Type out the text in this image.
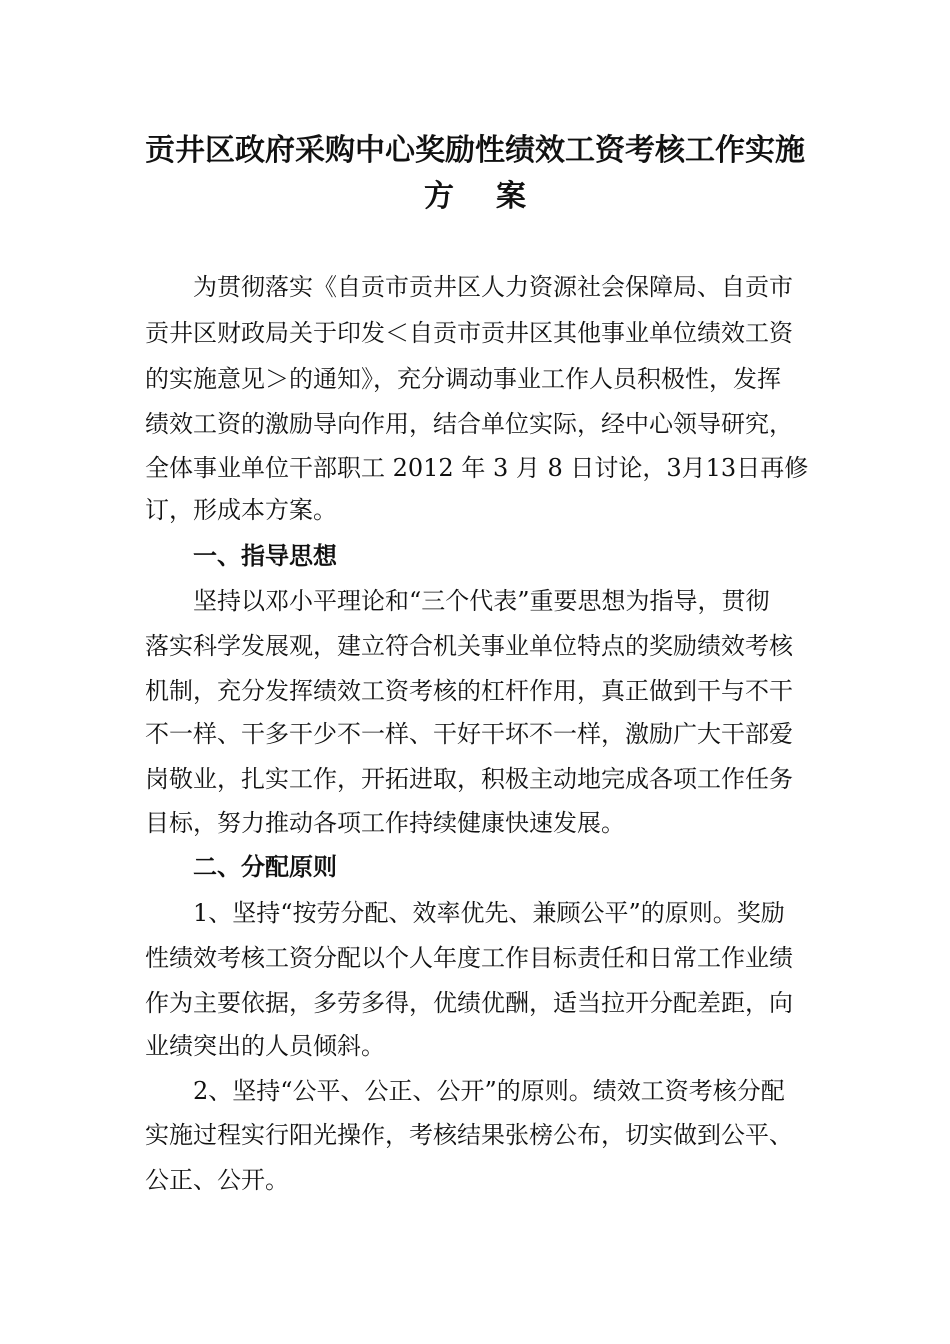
贡井区政府采购中心奖励性绩效工资考核工作实施
方案
为贯彻落实《自贡市贡井区人力资源社会保障局、自贡市
贡井区财政局关于印发＜自贡市贡井区其他事业单位绩效工资
的实施意见＞的通知》，充分调动事业工作人员积极性，发挥
绩效工资的激励导向作用，结合单位实际，经中心领导研究，
全体事业单位干部职工 2012 年 3 月 8 日讨论，3月13日再修
订，形成本方案。
一、指导思想
坚持以邓小平理论和“三个代表”重要思想为指导，贯彻
落实科学发展观，建立符合机关事业单位特点的奖励绩效考核
机制，充分发挥绩效工资考核的杠杆作用，真正做到干与不干
不一样、干多干少不一样、干好干坏不一样，激励广大干部爱
岗敬业，扎实工作，开拓进取，积极主动地完成各项工作任务
目标，努力推动各项工作持续健康快速发展。
二、分配原则
1、坚持“按劳分配、效率优先、兼顾公平”的原则。奖励
性绩效考核工资分配以个人年度工作目标责任和日常工作业绩
作为主要依据，多劳多得，优绩优酬，适当拉开分配差距，向
业绩突出的人员倾斜。
2、坚持“公平、公正、公开”的原则。绩效工资考核分配
实施过程实行阳光操作，考核结果张榜公布，切实做到公平、
公正、公开。
